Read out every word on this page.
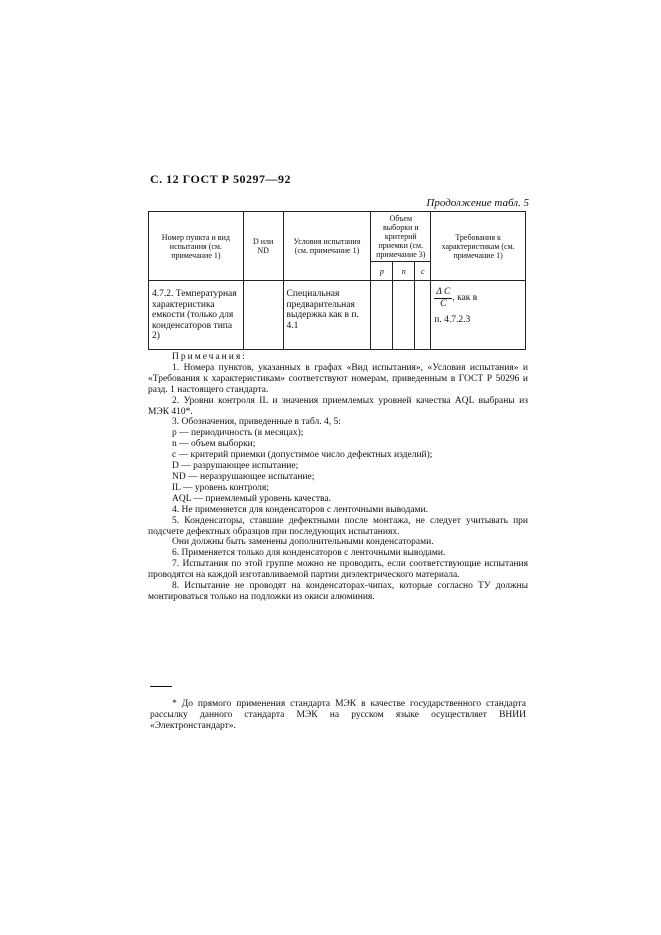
С. 12 ГОСТ Р 50297—92
Продолжение табл. 5
Номер пункта и вид испытания (см. примечание 1)	D или ND	Условия испытания (см. примечание 1)	Объем выборки и критерий приемки (см. примечание 3)			Требования к характеристикам (см. примечание 1)
			p	n	c	
4.7.2. Температурная характеристика емкости (только для конденсаторов типа 2)		Специальная предварительная выдержка как в п. 4.1				$\frac{\text{Δ C}}{C}$ , как в
п. 4.7.2.3

Примечания:

1. Номера пунктов, указанных в графах «Вид испытания», «Условия испытания» и «Требования к характеристикам» соответствуют номерам, приведенным в ГОСТ Р 50296 и разд. 1 настоящего стандарта.

2. Уровни контроля IL и значения приемлемых уровней качества AQL выбраны из МЭК 410*.

3. Обозначения, приведенные в табл. 4, 5:

p — периодичность (в месяцах);

n — объем выборки;

c — критерий приемки (допустимое число дефектных изделий);

D — разрушающее испытание;

ND — неразрушающее испытание;

IL — уровень контроля;

AQL — приемлемый уровень качества.

4. Не применяется для конденсаторов с ленточными выводами.

5. Конденсаторы, ставшие дефектными после монтажа, не следует учитывать при подсчете дефектных образцов при последующих испытаниях.

Они должны быть заменены дополнительными конденсаторами.

6. Применяется только для конденсаторов с ленточными выводами.

7. Испытания по этой группе можно не проводить, если соответствующие испытания проводятся на каждой изготавливаемой партии диэлектрического материала.

8. Испытание не проводят на конденсаторах-чипах, которые согласно ТУ должны монтироваться только на подложки из окиси алюминия.

* До прямого применения стандарта МЭК в качестве государственного стандарта рассылку данного стандарта МЭК на русском языке осуществляет ВНИИ «Электронстандарт».
